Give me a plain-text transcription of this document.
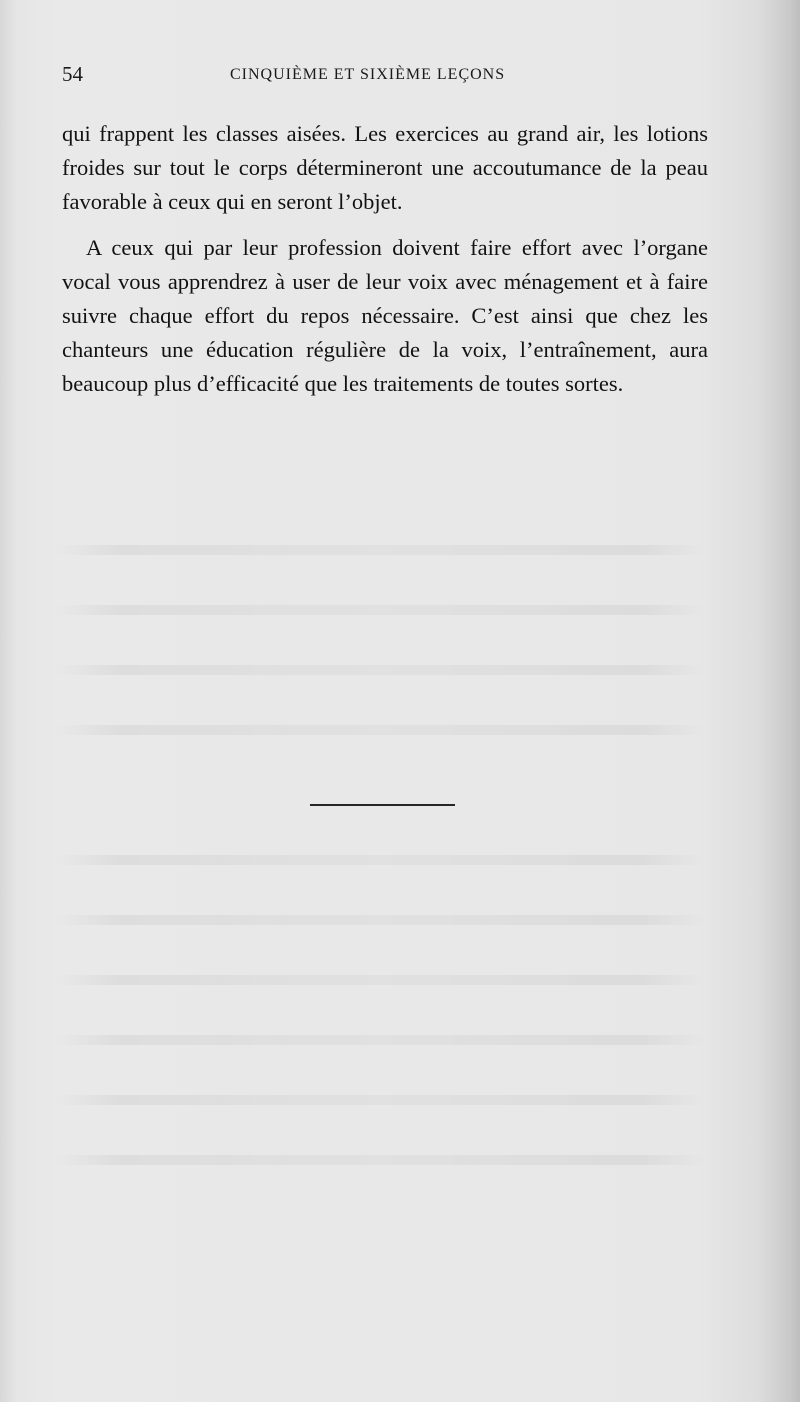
54	CINQUIÈME ET SIXIÈME LEÇONS

qui frappent les classes aisées. Les exercices au grand air, les lotions froides sur tout le corps détermineront une accoutumance de la peau favorable à ceux qui en seront l’objet.

A ceux qui par leur profession doivent faire effort avec l’organe vocal vous apprendrez à user de leur voix avec ménagement et à faire suivre chaque effort du repos nécessaire. C’est ainsi que chez les chanteurs une éducation régulière de la voix, l’entraînement, aura beaucoup plus d’efficacité que les traitements de toutes sortes.
